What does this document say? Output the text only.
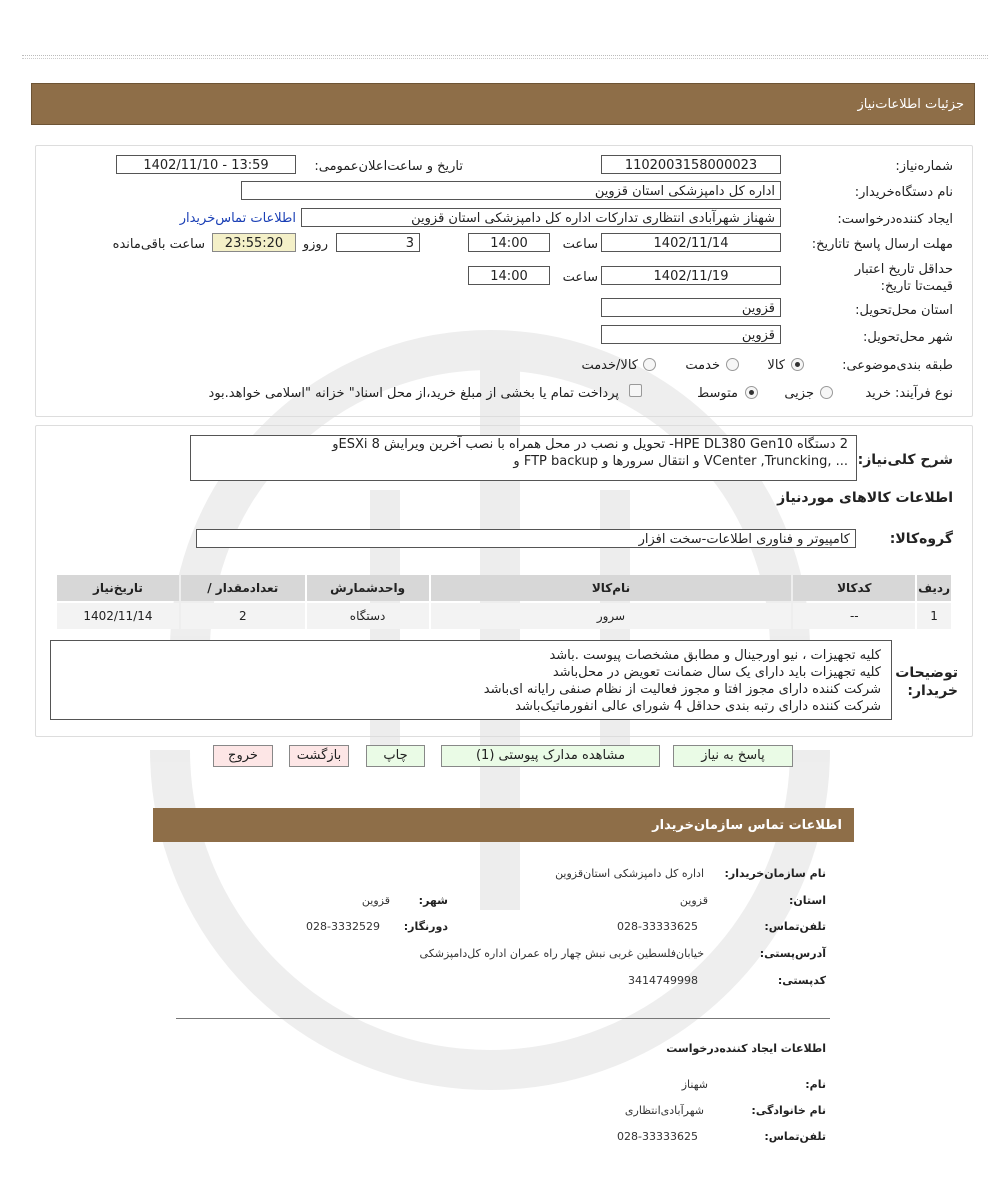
جزئیات اطلاعات‌نیاز
شماره‌نیاز:
1102003158000023
تاریخ و ساعت‌اعلان‌عمومی:
1402/11/10 - 13:59
نام دستگاه‌خریدار:
اداره کل دامپزشکی استان قزوین
ایجاد کننده‌درخواست:
شهناز شهرآبادی انتظاری تدارکات اداره کل دامپزشکی استان قزوین
اطلاعات تماس‌خریدار
مهلت ارسال پاسخ تا‌تاریخ:
1402/11/14
ساعت
14:00
3
روزو
23:55:20
ساعت باقی‌مانده
حداقل تاریخ اعتبار قیمت‌تا تاریخ:
1402/11/19
ساعت
14:00
استان محل‌تحویل:
قزوین
شهر محل‌تحویل:
قزوین
طبقه بندی‌موضوعی:
کالا
خدمت
کالا/خدمت
نوع فرآیند:
خرید
جزیی
متوسط
پرداخت تمام یا بخشی از مبلغ خرید،از محل اسناد" خزانه "اسلامی خواهد.بود
شرح کلی‌نیاز:
2 دستگاه HPE DL380 Gen10- تحویل و نصب در محل همراه با نصب آخرین ویرایش ESXi 8و
... ,VCenter ,Truncking و انتقال سرورها و FTP backup و
اطلاعات کالاهای مورد‌نیاز
گروه‌کالا:
کامپیوتر و فناوری اطلاعات-سخت افزار
ردیف	کدکالا	نام‌کالا	واحدشمارش	تعداد‌مقدار /	تاریخ‌نیاز
1	--	سرور	دستگاه	2	1402/11/14
توضیحات خریدار:
کلیه تجهیزات ، نیو اورجینال و مطابق مشخصات پیوست .باشد
کلیه تجهیزات باید دارای یک سال ضمانت تعویض در محل‌باشد
شرکت کننده دارای مجوز افتا و مجوز فعالیت از نظام صنفی رایانه ای‌باشد
شرکت کننده دارای رتبه بندی حداقل 4 شورای عالی انفورماتیک‌باشد
پاسخ به نیاز
مشاهده مدارک پیوستی (1)
چاپ
بازگشت
خروج
اطلاعات تماس سازمان‌خریدار
نام سازمان‌خریدار:
اداره کل دامپزشکی استان‌قزوین
استان:
قزوین
شهر:
قزوین
تلفن‌تماس:
028-33333625
دورنگار:
028-3332529
آدرس‌پستی:
خیابان‌فلسطین غربی نبش چهار راه عمران اداره کل‌دامپزشکی
کد‌پستی:
3414749998
اطلاعات ایجاد کننده‌درخواست
نام:
شهناز
نام خانوادگی:
شهرآبادی‌انتظاری
تلفن‌تماس:
028-33333625
